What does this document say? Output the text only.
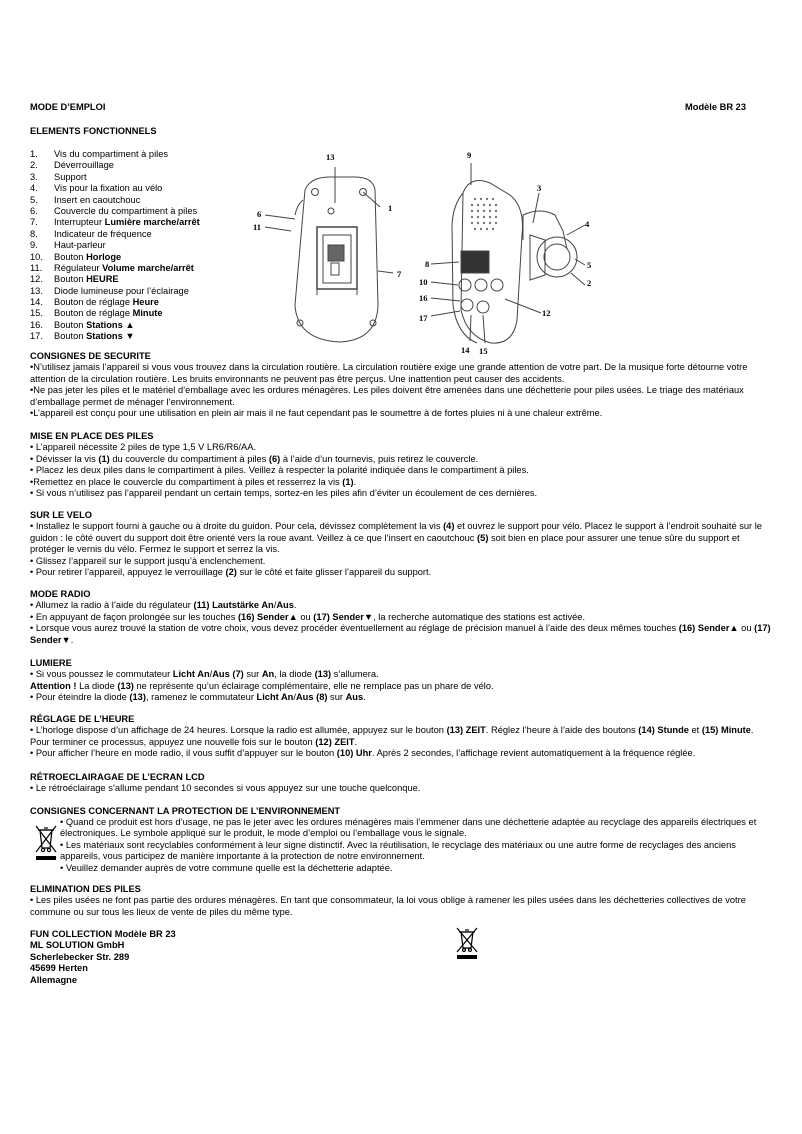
MODE D’EMPLOI	Modèle BR 23
ELEMENTS FONCTIONNELS
1. Vis du compartiment à piles
2. Déverrouillage
3. Support
4. Vis pour la fixation au vélo
5. Insert en caoutchouc
6. Couvercle du compartiment à piles
7. Interrupteur Lumière marche/arrêt
8. Indicateur de fréquence
9. Haut-parleur
10. Bouton Horloge
11. Régulateur Volume marche/arrêt
12. Bouton HEURE
13. Diode lumineuse pour l’éclairage
14. Bouton de réglage Heure
15. Bouton de réglage Minute
16. Bouton Stations ▲
17. Bouton Stations ▼
13
1
6
11
7
9
3
4
5
2
8
10
16
17	12
14 15

CONSIGNES DE SECURITE

•N’utilisez jamais l’appareil si vous vous trouvez dans la circulation routière. La circulation routière exige une grande attention de votre part. De la musique forte détourne votre attention de la circulation routière. Les bruits environnants ne peuvent pas être perçus. Une inattention peut causer des accidents.

•Ne pas jeter les piles et le matériel d’emballage avec les ordures ménagères. Les piles doivent être amenées dans une déchetterie pour piles usées. Le triage des matériaux d’emballage permet de ménager l’environnement.

•L’appareil est conçu pour une utilisation en plein air mais il ne faut cependant pas le soumettre à de fortes pluies ni à une chaleur extrême.

MISE EN PLACE DES PILES

• L’appareil nécessite 2 piles de type 1,5 V LR6/R6/AA.

• Dévisser la vis (1) du couvercle du compartiment à piles (6) à l’aide d’un tournevis, puis retirez le couvercle.

• Placez les deux piles dans le compartiment à piles. Veillez à respecter la polarité indiquée dans le compartiment à piles.

•Remettez en place le couvercle du compartiment à piles et resserrez la vis (1).

• Si vous n’utilisez pas l’appareil pendant un certain temps, sortez-en les piles afin d’éviter un écoulement de ces dernières.

SUR LE VELO

• Installez le support fourni à gauche ou à droite du guidon. Pour cela, dévissez complètement la vis (4) et ouvrez le support pour vélo. Placez le support à l’endroit souhaité sur le guidon : le côté ouvert du support doit être orienté vers la roue avant. Veillez à ce que l’insert en caoutchouc (5) soit bien en place pour assurer une tenue sûre du support et protéger le vernis du vélo. Fermez le support et serrez la vis.

• Glissez l’appareil sur le support jusqu’à enclenchement.

• Pour retirer l’appareil, appuyez le verrouillage (2) sur le côté et faite glisser l’appareil du support.

MODE RADIO

• Allumez la radio à l’aide du régulateur (11) Lautstärke An/Aus.

• En appuyant de façon prolongée sur les touches (16) Sender▲ ou (17) Sender▼, la recherche automatique des stations est activée.

• Lorsque vous aurez trouvé la station de votre choix, vous devez procéder éventuellement au réglage de précision manuel à l’aide des deux mêmes touches (16) Sender▲ ou (17) Sender▼.

LUMIERE

• Si vous poussez le commutateur Licht An/Aus (7) sur An, la diode (13) s’allumera.

Attention ! La diode (13) ne représente qu’un éclairage complémentaire, elle ne remplace pas un phare de vélo.

• Pour éteindre la diode (13), ramenez le commutateur Licht An/Aus (8) sur Aus.

RÉGLAGE DE L’HEURE

• L’horloge dispose d’un affichage de 24 heures. Lorsque la radio est allumée, appuyez sur le bouton (13) ZEIT. Réglez l’heure à l’aide des boutons (14) Stunde et (15) Minute. Pour terminer ce processus, appuyez une nouvelle fois sur le bouton (12) ZEIT.

• Pour afficher l’heure en mode radio, il vous suffit d’appuyer sur le bouton (10) Uhr. Après 2 secondes, l’affichage revient automatiquement à la fréquence réglée.

RÉTROECLAIRAGAE DE L’ECRAN LCD

• Le rétroéclairage s’allume pendant 10 secondes si vous appuyez sur une touche quelconque.

CONSIGNES CONCERNANT LA PROTECTION DE L’ENVIRONNEMENT

• Quand ce produit est hors d’usage, ne pas le jeter avec les ordures ménagères mais l’emmener dans une déchetterie adaptée au recyclage des appareils électriques et électroniques. Le symbole appliqué sur le produit, le mode d’emploi ou l’emballage vous le signale.

• Les matériaux sont recyclables conformément à leur signe distinctif. Avec la réutilisation, le recyclage des matériaux ou une autre forme de recyclages des anciens appareils, vous participez de manière importante à la protection de notre environnement.

• Veuillez demander auprès de votre commune quelle est la déchetterie adaptée.

ELIMINATION DES PILES

• Les piles usées ne font pas partie des ordures ménagères. En tant que consommateur, la loi vous oblige à ramener les piles usées dans les déchetteries collectives de votre commune ou sur tous les lieux de vente de piles du même type.

FUN COLLECTION Modèle BR 23
ML SOLUTION GmbH
Scherlebecker Str. 289
45699 Herten
Allemagne
